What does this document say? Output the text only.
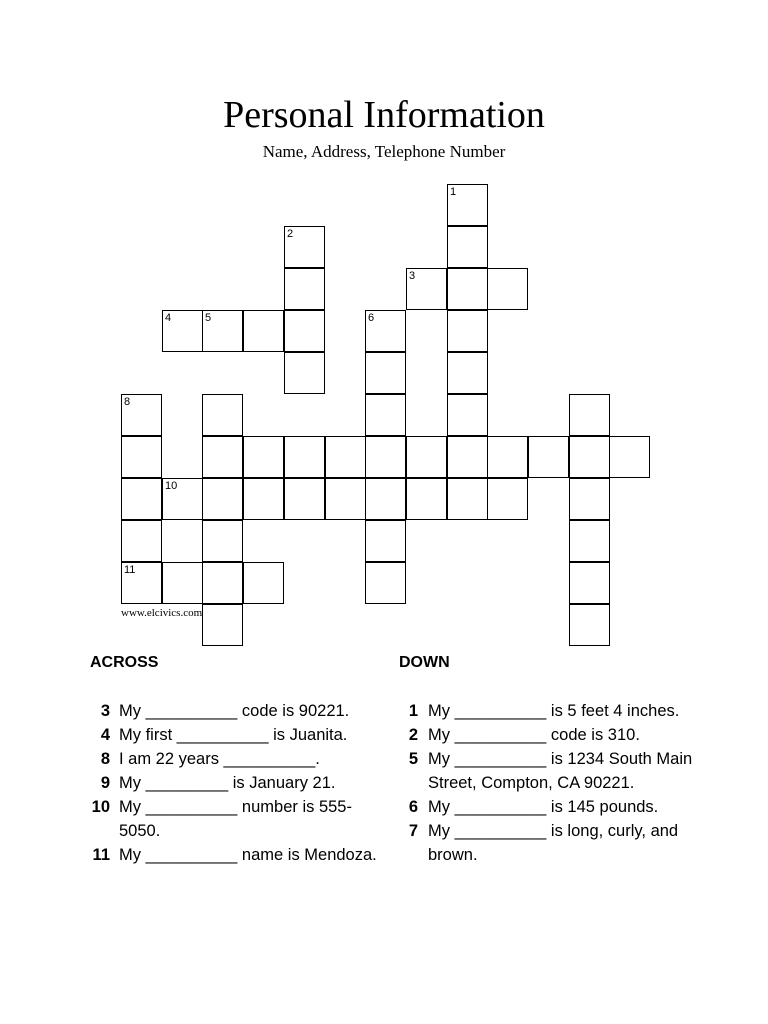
Personal Information
Name, Address, Telephone Number
1
2
3
4	5	6
8
11
10
www.elcivics.com
ACROSS
3 My __________ code is 90221.
4 My first __________ is Juanita.
8 I am 22 years __________.
9 My _________ is January 21.
10 My __________ number is 555-5050.
11 My __________ name is Mendoza.
DOWN
1 My __________ is 5 feet 4 inches.
2 My __________ code is 310.
5 My __________ is 1234 South Main Street, Compton, CA 90221.
6 My __________ is 145 pounds.
7 My __________ is long, curly, and brown.
